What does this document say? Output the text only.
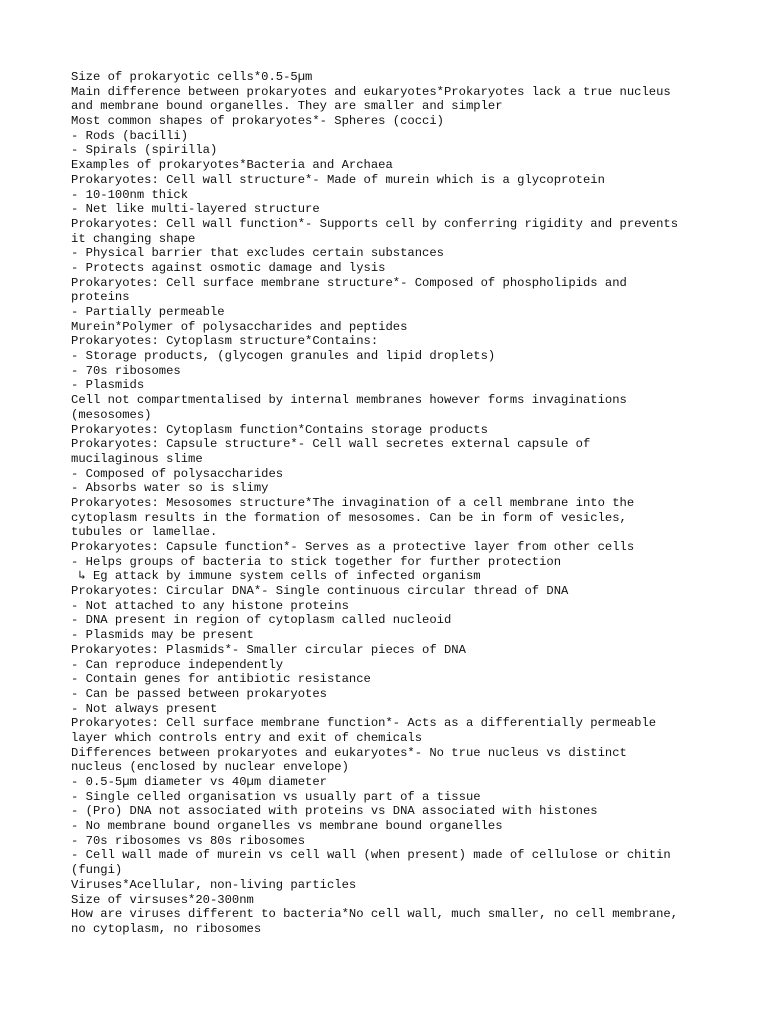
Size of prokaryotic cells*0.5-5µm
Main difference between prokaryotes and eukaryotes*Prokaryotes lack a true nucleus
and membrane bound organelles. They are smaller and simpler
Most common shapes of prokaryotes*- Spheres (cocci)
- Rods (bacilli)
- Spirals (spirilla)
Examples of prokaryotes*Bacteria and Archaea
Prokaryotes: Cell wall structure*- Made of murein which is a glycoprotein
- 10-100nm thick
- Net like multi-layered structure
Prokaryotes: Cell wall function*- Supports cell by conferring rigidity and prevents
it changing shape
- Physical barrier that excludes certain substances
- Protects against osmotic damage and lysis
Prokaryotes: Cell surface membrane structure*- Composed of phospholipids and
proteins
- Partially permeable
Murein*Polymer of polysaccharides and peptides
Prokaryotes: Cytoplasm structure*Contains:
- Storage products, (glycogen granules and lipid droplets)
- 70s ribosomes
- Plasmids
Cell not compartmentalised by internal membranes however forms invaginations
(mesosomes)
Prokaryotes: Cytoplasm function*Contains storage products
Prokaryotes: Capsule structure*- Cell wall secretes external capsule of
mucilaginous slime
- Composed of polysaccharides
- Absorbs water so is slimy
Prokaryotes: Mesosomes structure*The invagination of a cell membrane into the
cytoplasm results in the formation of mesosomes. Can be in form of vesicles,
tubules or lamellae.
Prokaryotes: Capsule function*- Serves as a protective layer from other cells
- Helps groups of bacteria to stick together for further protection
↳ Eg attack by immune system cells of infected organism
Prokaryotes: Circular DNA*- Single continuous circular thread of DNA
- Not attached to any histone proteins
- DNA present in region of cytoplasm called nucleoid
- Plasmids may be present
Prokaryotes: Plasmids*- Smaller circular pieces of DNA
- Can reproduce independently
- Contain genes for antibiotic resistance
- Can be passed between prokaryotes
- Not always present
Prokaryotes: Cell surface membrane function*- Acts as a differentially permeable
layer which controls entry and exit of chemicals
Differences between prokaryotes and eukaryotes*- No true nucleus vs distinct
nucleus (enclosed by nuclear envelope)
- 0.5-5µm diameter vs 40µm diameter
- Single celled organisation vs usually part of a tissue
- (Pro) DNA not associated with proteins vs DNA associated with histones
- No membrane bound organelles vs membrane bound organelles
- 70s ribosomes vs 80s ribosomes
- Cell wall made of murein vs cell wall (when present) made of cellulose or chitin
(fungi)
Viruses*Acellular, non-living particles
Size of virsuses*20-300nm
How are viruses different to bacteria*No cell wall, much smaller, no cell membrane,
no cytoplasm, no ribosomes
